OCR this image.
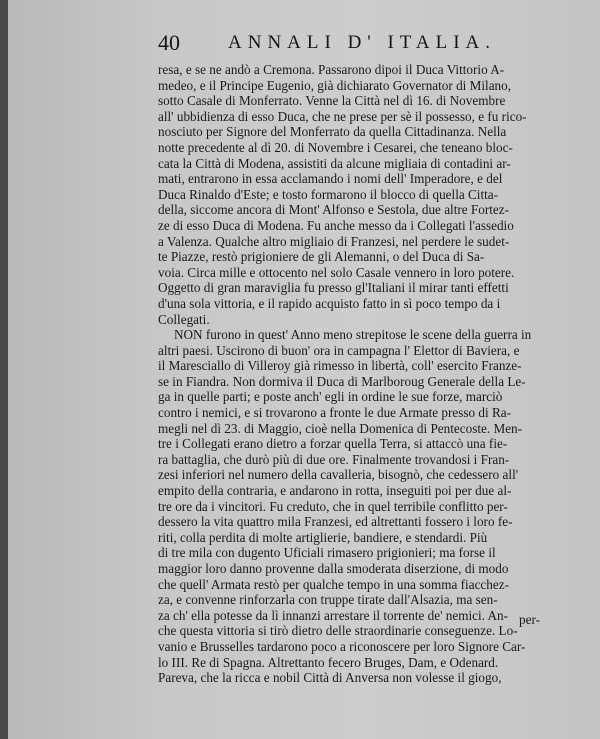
40	ANNALI D' ITALIA.
resa, e se ne andò a Cremona. Passarono dipoi il Duca Vittorio A-
medeo, e il Principe Eugenio, già dichiarato Governator di Milano,
sotto Casale di Monferrato. Venne la Città nel dì 16. di Novembre
all' ubbidienza di esso Duca, che ne prese per sè il possesso, e fu rico-
nosciuto per Signore del Monferrato da quella Cittadinanza. Nella
notte precedente al dì 20. di Novembre i Cesarei, che teneano bloc-
cata la Città di Modena, assistiti da alcune migliaia di contadini ar-
mati, entrarono in essa acclamando i nomi dell' Imperadore, e del
Duca Rinaldo d'Este; e tosto formarono il blocco di quella Citta-
della, siccome ancora di Mont' Alfonso e Sestola, due altre Fortez-
ze di esso Duca di Modena. Fu anche messo da i Collegati l'assedio
a Valenza. Qualche altro migliaio di Franzesi, nel perdere le sudet-
te Piazze, restò prigioniere de gli Alemanni, o del Duca di Sa-
voia. Circa mille e ottocento nel solo Casale vennero in loro potere.
Oggetto di gran maraviglia fu presso gl'Italiani il mirar tanti effetti
d'una sola vittoria, e il rapido acquisto fatto in sì poco tempo da i
Collegati.
NON furono in quest' Anno meno strepitose le scene della guerra in
altri paesi. Uscirono di buon' ora in campagna l' Elettor di Baviera, e
il Maresciallo di Villeroy già rimesso in libertà, coll' esercito Franze-
se in Fiandra. Non dormiva il Duca di Marlboroug Generale della Le-
ga in quelle parti; e poste anch' egli in ordine le sue forze, marciò
contro i nemici, e si trovarono a fronte le due Armate presso di Ra-
megli nel dì 23. di Maggio, cioè nella Domenica di Pentecoste. Men-
tre i Collegati erano dietro a forzar quella Terra, si attaccò una fie-
ra battaglia, che durò più di due ore. Finalmente trovandosi i Fran-
zesi inferiori nel numero della cavalleria, bisognò, che cedessero all'
empito della contraria, e andarono in rotta, inseguiti poi per due al-
tre ore da i vincitori. Fu creduto, che in quel terribile conflitto per-
dessero la vita quattro mila Franzesi, ed altrettanti fossero i loro fe-
riti, colla perdita di molte artiglierie, bandiere, e stendardi. Più
di tre mila con dugento Uficiali rimasero prigionieri; ma forse il
maggior loro danno provenne dalla smoderata diserzione, di modo
che quell' Armata restò per qualche tempo in una somma fiacchez-
za, e convenne rinforzarla con truppe tirate dall'Alsazia, ma sen-
za ch' ella potesse da lì innanzi arrestare il torrente de' nemici. An-
che questa vittoria si tirò dietro delle straordinarie conseguenze. Lo-
vanio e Brusselles tardarono poco a riconoscere per loro Signore Car-
lo III. Re di Spagna. Altrettanto fecero Bruges, Dam, e Odenard.
Pareva, che la ricca e nobil Città di Anversa non volesse il giogo,
per-
